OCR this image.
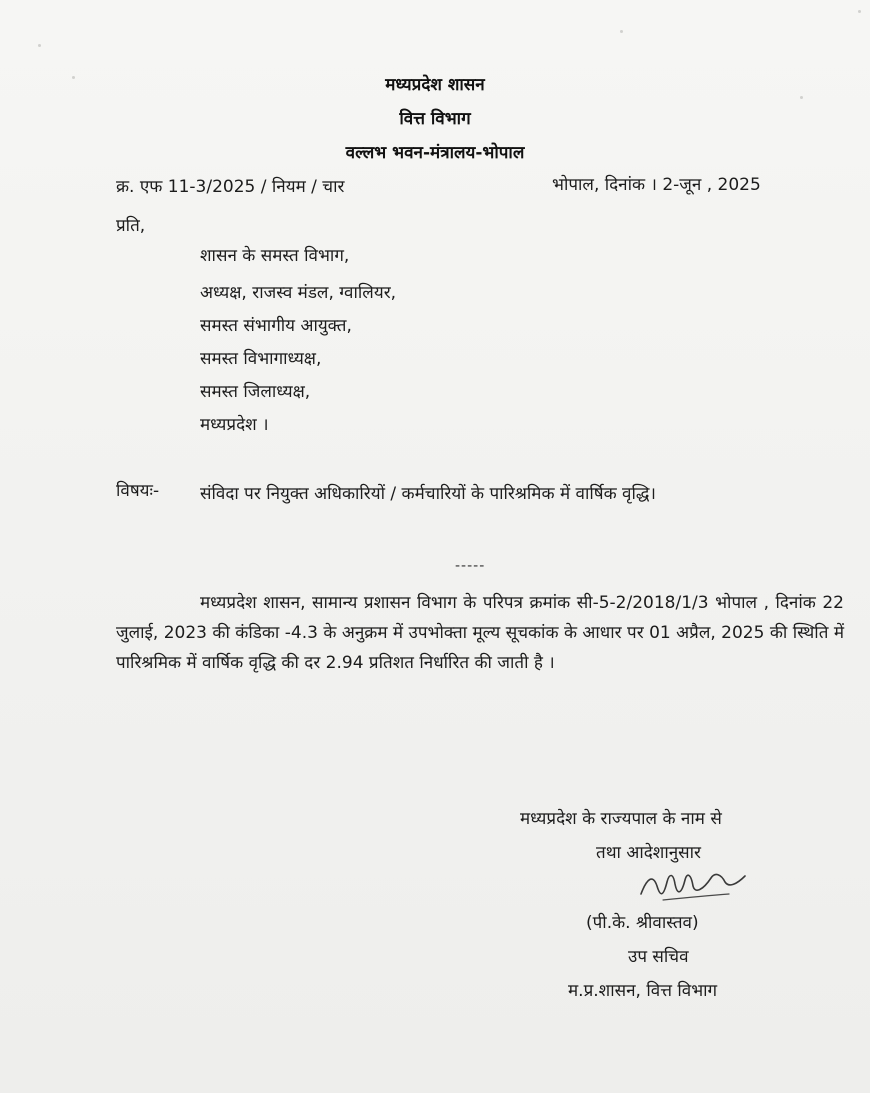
मध्यप्रदेश शासन
वित्त विभाग
वल्लभ भवन-मंत्रालय-भोपाल
क्र. एफ 11-3/2025 / नियम / चार	भोपाल, दिनांक । 2-जून , 2025
प्रति,
शासन के समस्त विभाग,
अध्यक्ष, राजस्व मंडल, ग्वालियर,
समस्त संभागीय आयुक्त,
समस्त विभागाध्यक्ष,
समस्त जिलाध्यक्ष,
मध्यप्रदेश ।
विषयः- संविदा पर नियुक्त अधिकारियों / कर्मचारियों के पारिश्रमिक में वार्षिक वृद्धि।
-----
मध्यप्रदेश शासन, सामान्य प्रशासन विभाग के परिपत्र क्रमांक सी-5-2/2018/1/3 भोपाल , दिनांक 22 जुलाई, 2023 की कंडिका -4.3 के अनुक्रम में उपभोक्ता मूल्य सूचकांक के आधार पर 01 अप्रैल, 2025 की स्थिति में पारिश्रमिक में वार्षिक वृद्धि की दर 2.94 प्रतिशत निर्धारित की जाती है ।
मध्यप्रदेश के राज्यपाल के नाम से
तथा आदेशानुसार
(पी.के. श्रीवास्तव)
उप सचिव
म.प्र.शासन, वित्त विभाग
